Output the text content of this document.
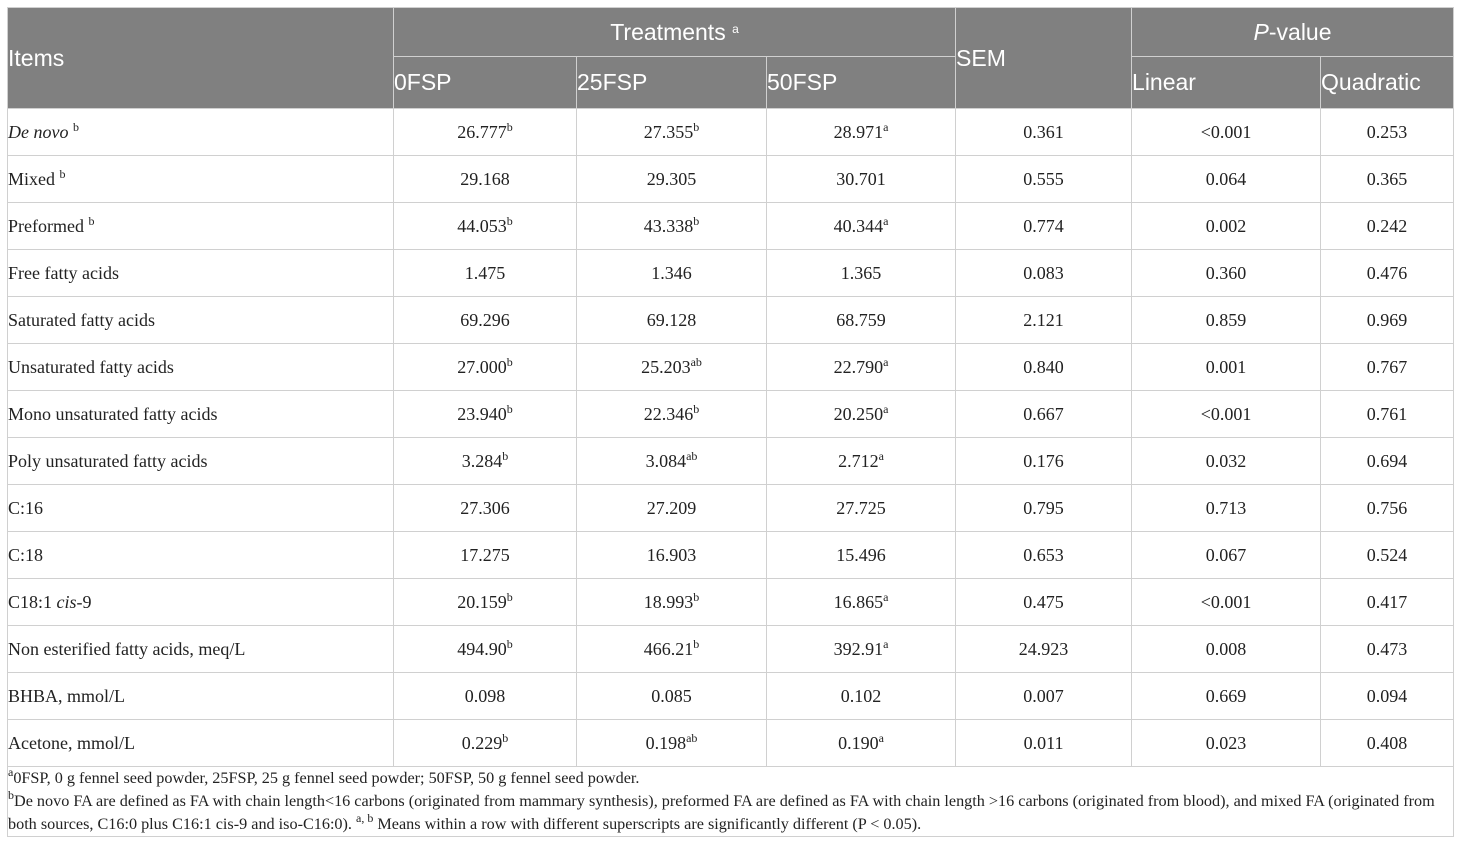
Items	Treatments $^a$			SEM	P-value	
	0FSP	25FSP	50FSP		Linear	Quadratic
De novo $^b$	26.777$^b$	27.355$^b$	28.971$^a$	0.361	<0.001	0.253
Mixed $^b$	29.168	29.305	30.701	0.555	0.064	0.365
Preformed $^b$	44.053$^b$	43.338$^b$	40.344$^a$	0.774	0.002	0.242
Free fatty acids	1.475	1.346	1.365	0.083	0.360	0.476
Saturated fatty acids	69.296	69.128	68.759	2.121	0.859	0.969
Unsaturated fatty acids	27.000$^b$	25.203$^{ab}$	22.790$^a$	0.840	0.001	0.767
Mono unsaturated fatty acids	23.940$^b$	22.346$^b$	20.250$^a$	0.667	<0.001	0.761
Poly unsaturated fatty acids	3.284$^b$	3.084$^{ab}$	2.712$^a$	0.176	0.032	0.694
C:16	27.306	27.209	27.725	0.795	0.713	0.756
C:18	17.275	16.903	15.496	0.653	0.067	0.524
C18:1 cis-9	20.159$^b$	18.993$^b$	16.865$^a$	0.475	<0.001	0.417
Non esterified fatty acids, meq/L	494.90$^b$	466.21$^b$	392.91$^a$	24.923	0.008	0.473
BHBA, mmol/L	0.098	0.085	0.102	0.007	0.669	0.094
Acetone, mmol/L	0.229$^b$	0.198$^{ab}$	0.190$^a$	0.011	0.023	0.408

$^a$0FSP, 0 g fennel seed powder, 25FSP, 25 g fennel seed powder; 50FSP, 50 g fennel seed powder.

$^b$De novo FA are defined as FA with chain length<16 carbons (originated from mammary synthesis), preformed FA are defined as FA with chain length >16 carbons (originated from blood), and mixed FA (originated from both sources, C16:0 plus C16:1 cis-9 and iso-C16:0). $^{a, b}$ Means within a row with different superscripts are significantly different (P < 0.05).						
